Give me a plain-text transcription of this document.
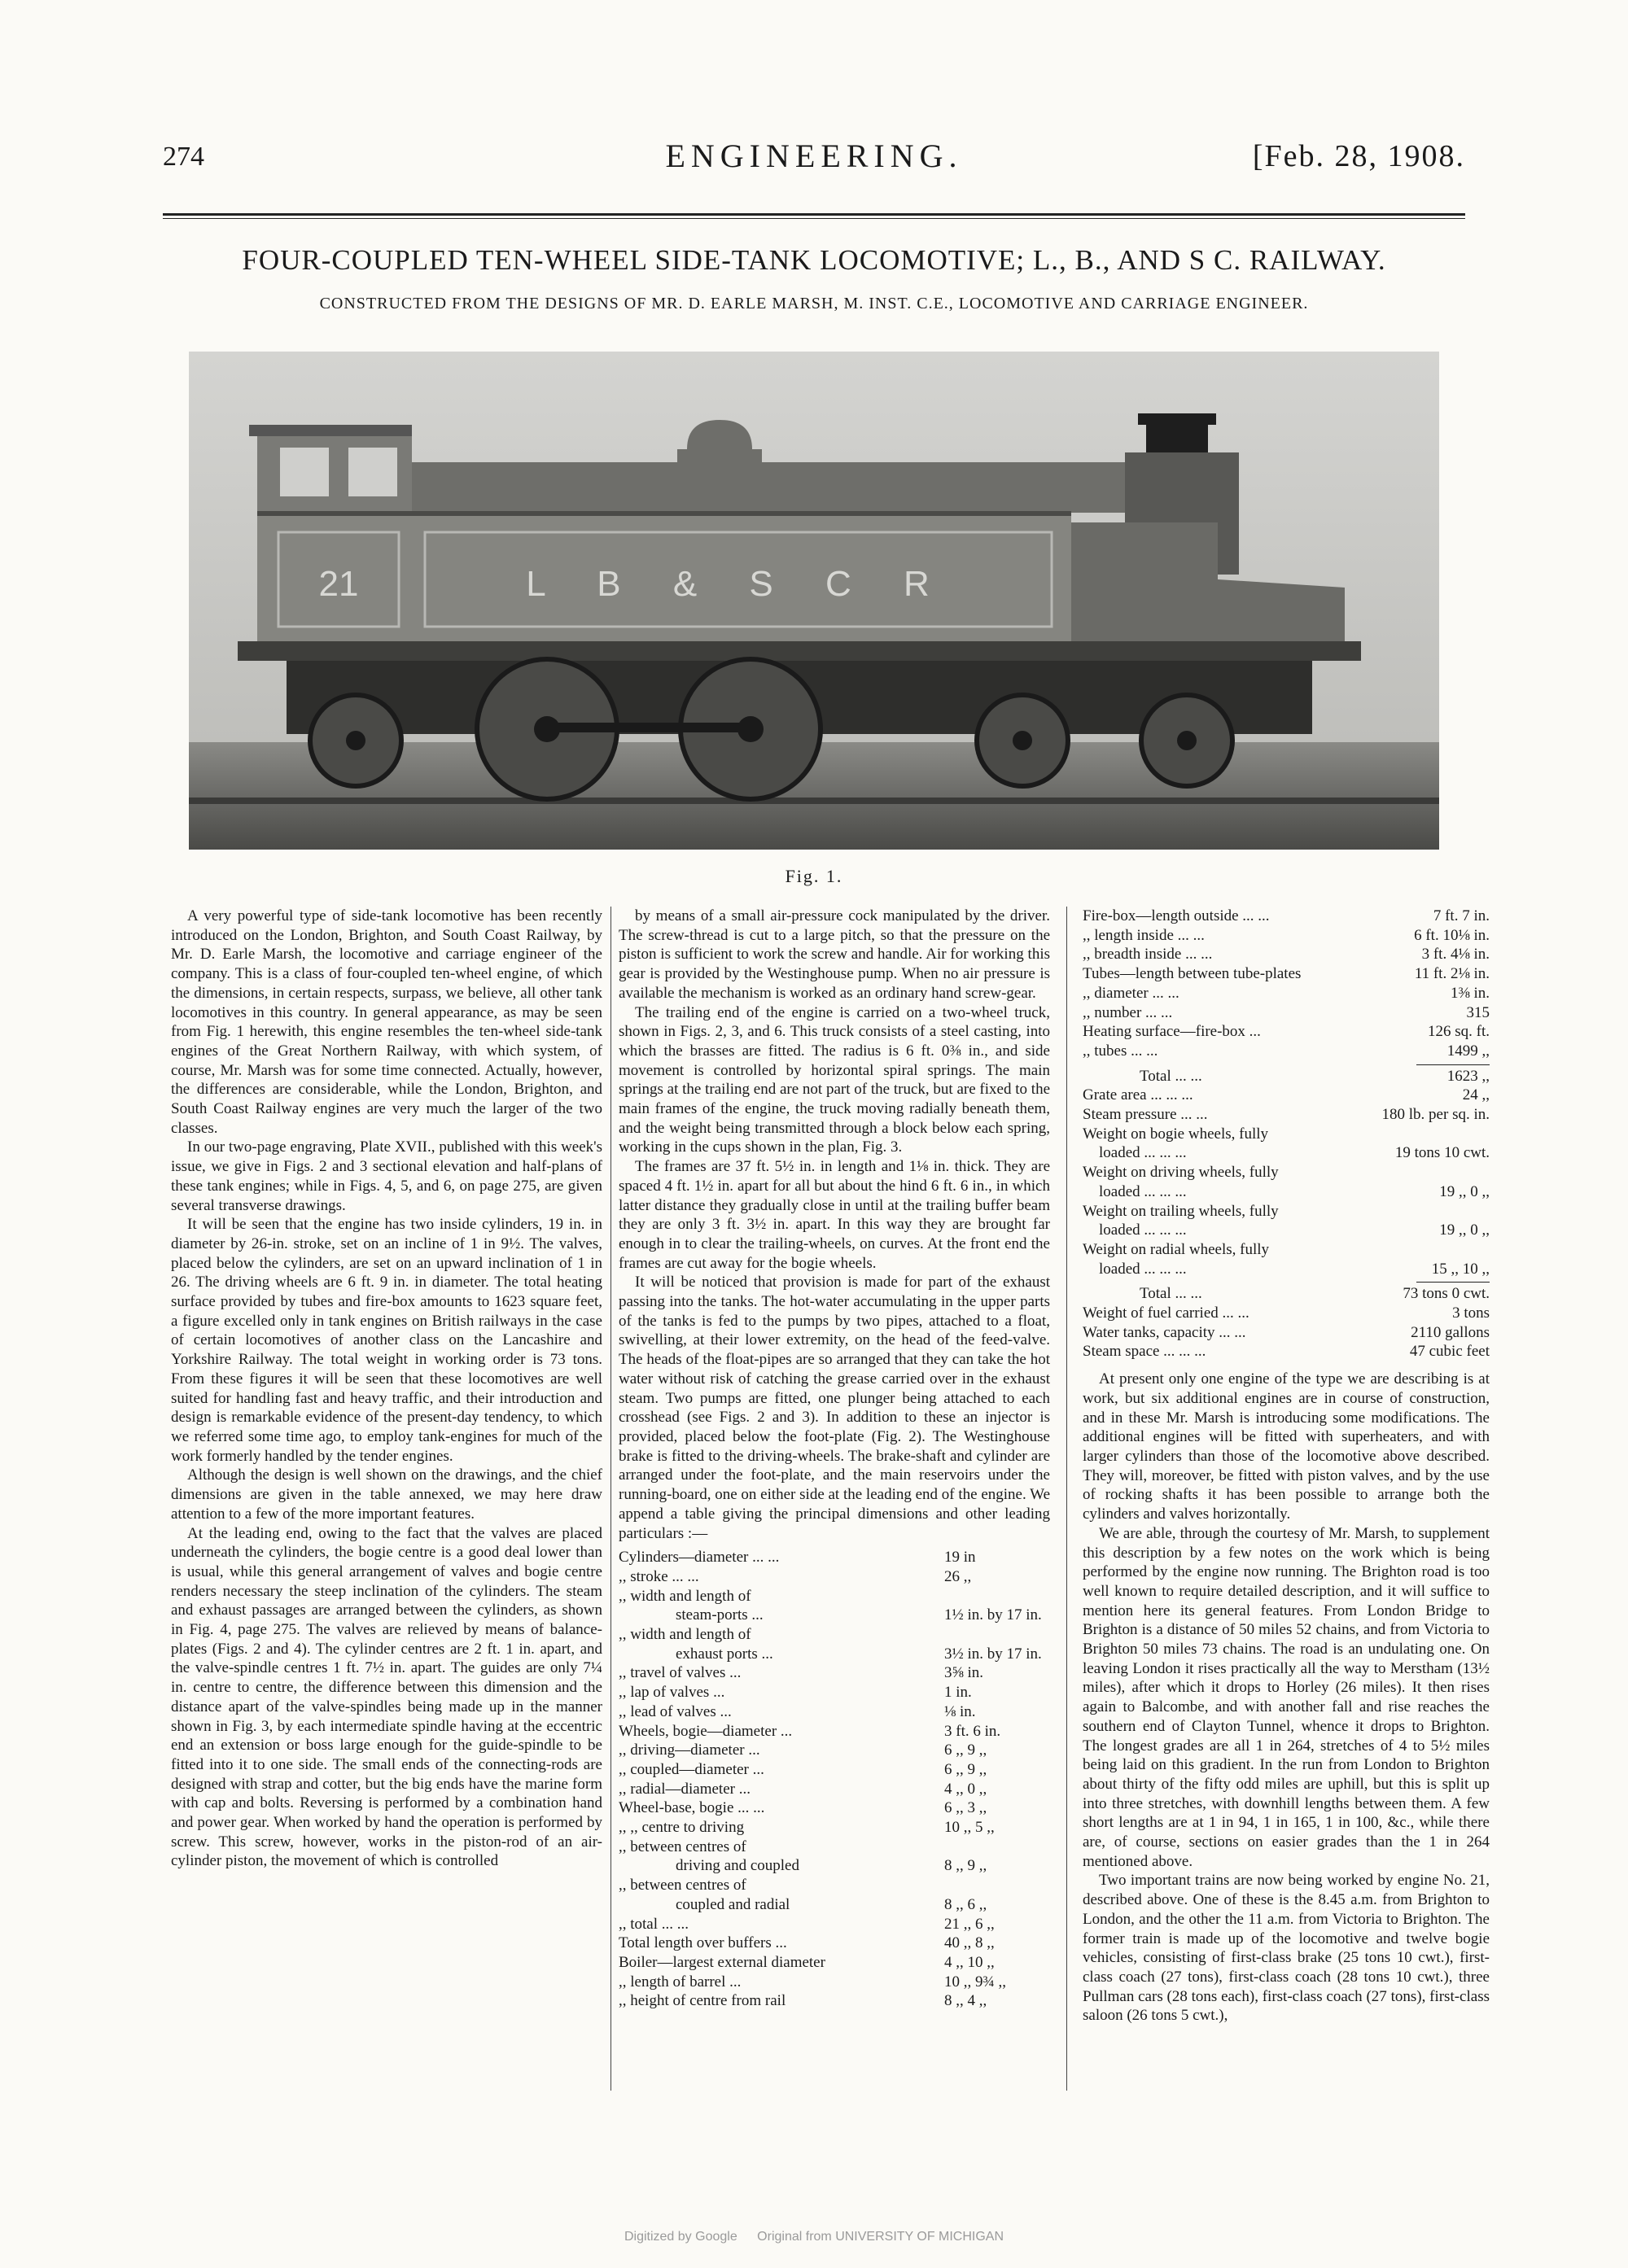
274	ENGINEERING.	[Feb. 28, 1908.
FOUR-COUPLED TEN-WHEEL SIDE-TANK LOCOMOTIVE; L., B., AND S C. RAILWAY.
CONSTRUCTED FROM THE DESIGNS OF MR. D. EARLE MARSH, M. INST. C.E., LOCOMOTIVE AND CARRIAGE ENGINEER.
21	L B & S C R
Fig. 1.

A very powerful type of side-tank locomotive has been recently introduced on the London, Brighton, and South Coast Railway, by Mr. D. Earle Marsh, the locomotive and carriage engineer of the company. This is a class of four-coupled ten-wheel engine, of which the dimensions, in certain respects, surpass, we believe, all other tank locomotives in this country. In general appearance, as may be seen from Fig. 1 herewith, this engine resembles the ten-wheel side-tank engines of the Great Northern Railway, with which system, of course, Mr. Marsh was for some time connected. Actually, however, the differences are considerable, while the London, Brighton, and South Coast Railway engines are very much the larger of the two classes.

In our two-page engraving, Plate XVII., published with this week's issue, we give in Figs. 2 and 3 sectional elevation and half-plans of these tank engines; while in Figs. 4, 5, and 6, on page 275, are given several transverse drawings.

It will be seen that the engine has two inside cylinders, 19 in. in diameter by 26-in. stroke, set on an incline of 1 in 9½. The valves, placed below the cylinders, are set on an upward inclination of 1 in 26. The driving wheels are 6 ft. 9 in. in diameter. The total heating surface provided by tubes and fire-box amounts to 1623 square feet, a figure excelled only in tank engines on British railways in the case of certain locomotives of another class on the Lancashire and Yorkshire Railway. The total weight in working order is 73 tons. From these figures it will be seen that these locomotives are well suited for handling fast and heavy traffic, and their introduction and design is remarkable evidence of the present-day tendency, to which we referred some time ago, to employ tank-engines for much of the work formerly handled by the tender engines.

Although the design is well shown on the drawings, and the chief dimensions are given in the table annexed, we may here draw attention to a few of the more important features.

At the leading end, owing to the fact that the valves are placed underneath the cylinders, the bogie centre is a good deal lower than is usual, while this general arrangement of valves and bogie centre renders necessary the steep inclination of the cylinders. The steam and exhaust passages are arranged between the cylinders, as shown in Fig. 4, page 275. The valves are relieved by means of balance-plates (Figs. 2 and 4). The cylinder centres are 2 ft. 1 in. apart, and the valve-spindle centres 1 ft. 7½ in. apart. The guides are only 7¼ in. centre to centre, the difference between this dimension and the distance apart of the valve-spindles being made up in the manner shown in Fig. 3, by each intermediate spindle having at the eccentric end an extension or boss large enough for the guide-spindle to be fitted into it to one side. The small ends of the connecting-rods are designed with strap and cotter, but the big ends have the marine form with cap and bolts. Reversing is performed by a combination hand and power gear. When worked by hand the operation is performed by screw. This screw, however, works in the piston-rod of an air-cylinder piston, the movement of which is controlled

by means of a small air-pressure cock manipulated by the driver. The screw-thread is cut to a large pitch, so that the pressure on the piston is sufficient to work the screw and handle. Air for working this gear is provided by the Westinghouse pump. When no air pressure is available the mechanism is worked as an ordinary hand screw-gear.

The trailing end of the engine is carried on a two-wheel truck, shown in Figs. 2, 3, and 6. This truck consists of a steel casting, into which the brasses are fitted. The radius is 6 ft. 0⅜ in., and side movement is controlled by horizontal spiral springs. The main springs at the trailing end are not part of the truck, but are fixed to the main frames of the engine, the truck moving radially beneath them, and the weight being transmitted through a block below each spring, working in the cups shown in the plan, Fig. 3.

The frames are 37 ft. 5½ in. in length and 1⅛ in. thick. They are spaced 4 ft. 1½ in. apart for all but about the hind 6 ft. 6 in., in which latter distance they gradually close in until at the trailing buffer beam they are only 3 ft. 3½ in. apart. In this way they are brought far enough in to clear the trailing-wheels, on curves. At the front end the frames are cut away for the bogie wheels.

It will be noticed that provision is made for part of the exhaust passing into the tanks. The hot-water accumulating in the upper parts of the tanks is fed to the pumps by two pipes, attached to a float, swivelling, at their lower extremity, on the head of the feed-valve. The heads of the float-pipes are so arranged that they can take the hot water without risk of catching the grease carried over in the exhaust steam. Two pumps are fitted, one plunger being attached to each crosshead (see Figs. 2 and 3). In addition to these an injector is provided, placed below the foot-plate (Fig. 2). The Westinghouse brake is fitted to the driving-wheels. The brake-shaft and cylinder are arranged under the foot-plate, and the main reservoirs under the running-board, one on either side at the leading end of the engine. We append a table giving the principal dimensions and other leading particulars :—

Cylinders—diameter ... ...	19 in
,, stroke ... ...	26 ,,
,, width and length of
steam-ports ...	1½ in. by 17 in.
,, width and length of
exhaust ports ...	3½ in. by 17 in.
,, travel of valves ...	3⅝ in.
,, lap of valves ...	1 in.
,, lead of valves ...	⅛ in.
Wheels, bogie—diameter ...	3 ft. 6 in.
,, driving—diameter ...	6 ,, 9 ,,
,, coupled—diameter ...	6 ,, 9 ,,
,, radial—diameter ...	4 ,, 0 ,,
Wheel-base, bogie ... ...	6 ,, 3 ,,
,, ,, centre to driving	10 ,, 5 ,,
,, between centres of
driving and coupled	8 ,, 9 ,,
,, between centres of
coupled and radial	8 ,, 6 ,,
,, total ... ...	21 ,, 6 ,,
Total length over buffers ...	40 ,, 8 ,,
Boiler—largest external diameter	4 ,, 10 ,,
,, length of barrel ...	10 ,, 9¾ ,,
,, height of centre from rail	8 ,, 4 ,,
Fire-box—length outside ... ...	7 ft. 7 in.
,, length inside ... ...	6 ft. 10⅛ in.
,, breadth inside ... ...	3 ft. 4⅛ in.
Tubes—length between tube-plates	11 ft. 2⅛ in.
,, diameter ... ...	1⅜ in.
,, number ... ...	315
Heating surface—fire-box ...	126 sq. ft.
,, tubes ... ...	1499 ,,
Total ... ...	1623 ,,
Grate area ... ... ...	24 ,,
Steam pressure ... ...	180 lb. per sq. in.
Weight on bogie wheels, fully
loaded ... ... ...	19 tons 10 cwt.
Weight on driving wheels, fully
loaded ... ... ...	19 ,, 0 ,,
Weight on trailing wheels, fully
loaded ... ... ...	19 ,, 0 ,,
Weight on radial wheels, fully
loaded ... ... ...	15 ,, 10 ,,
Total ... ...	73 tons 0 cwt.
Weight of fuel carried ... ...	3 tons
Water tanks, capacity ... ...	2110 gallons
Steam space ... ... ...	47 cubic feet

At present only one engine of the type we are describing is at work, but six additional engines are in course of construction, and in these Mr. Marsh is introducing some modifications. The additional engines will be fitted with superheaters, and with larger cylinders than those of the locomotive above described. They will, moreover, be fitted with piston valves, and by the use of rocking shafts it has been possible to arrange both the cylinders and valves horizontally.

We are able, through the courtesy of Mr. Marsh, to supplement this description by a few notes on the work which is being performed by the engine now running. The Brighton road is too well known to require detailed description, and it will suffice to mention here its general features. From London Bridge to Brighton is a distance of 50 miles 52 chains, and from Victoria to Brighton 50 miles 73 chains. The road is an undulating one. On leaving London it rises practically all the way to Merstham (13½ miles), after which it drops to Horley (26 miles). It then rises again to Balcombe, and with another fall and rise reaches the southern end of Clayton Tunnel, whence it drops to Brighton. The longest grades are all 1 in 264, stretches of 4 to 5½ miles being laid on this gradient. In the run from London to Brighton about thirty of the fifty odd miles are uphill, but this is split up into three stretches, with downhill lengths between them. A few short lengths are at 1 in 94, 1 in 165, 1 in 100, &c., while there are, of course, sections on easier grades than the 1 in 264 mentioned above.

Two important trains are now being worked by engine No. 21, described above. One of these is the 8.45 a.m. from Brighton to London, and the other the 11 a.m. from Victoria to Brighton. The former train is made up of the locomotive and twelve bogie vehicles, consisting of first-class brake (25 tons 10 cwt.), first-class coach (27 tons), first-class coach (28 tons 10 cwt.), three Pullman cars (28 tons each), first-class coach (27 tons), first-class saloon (26 tons 5 cwt.),

Digitized by Google Original from UNIVERSITY OF MICHIGAN
